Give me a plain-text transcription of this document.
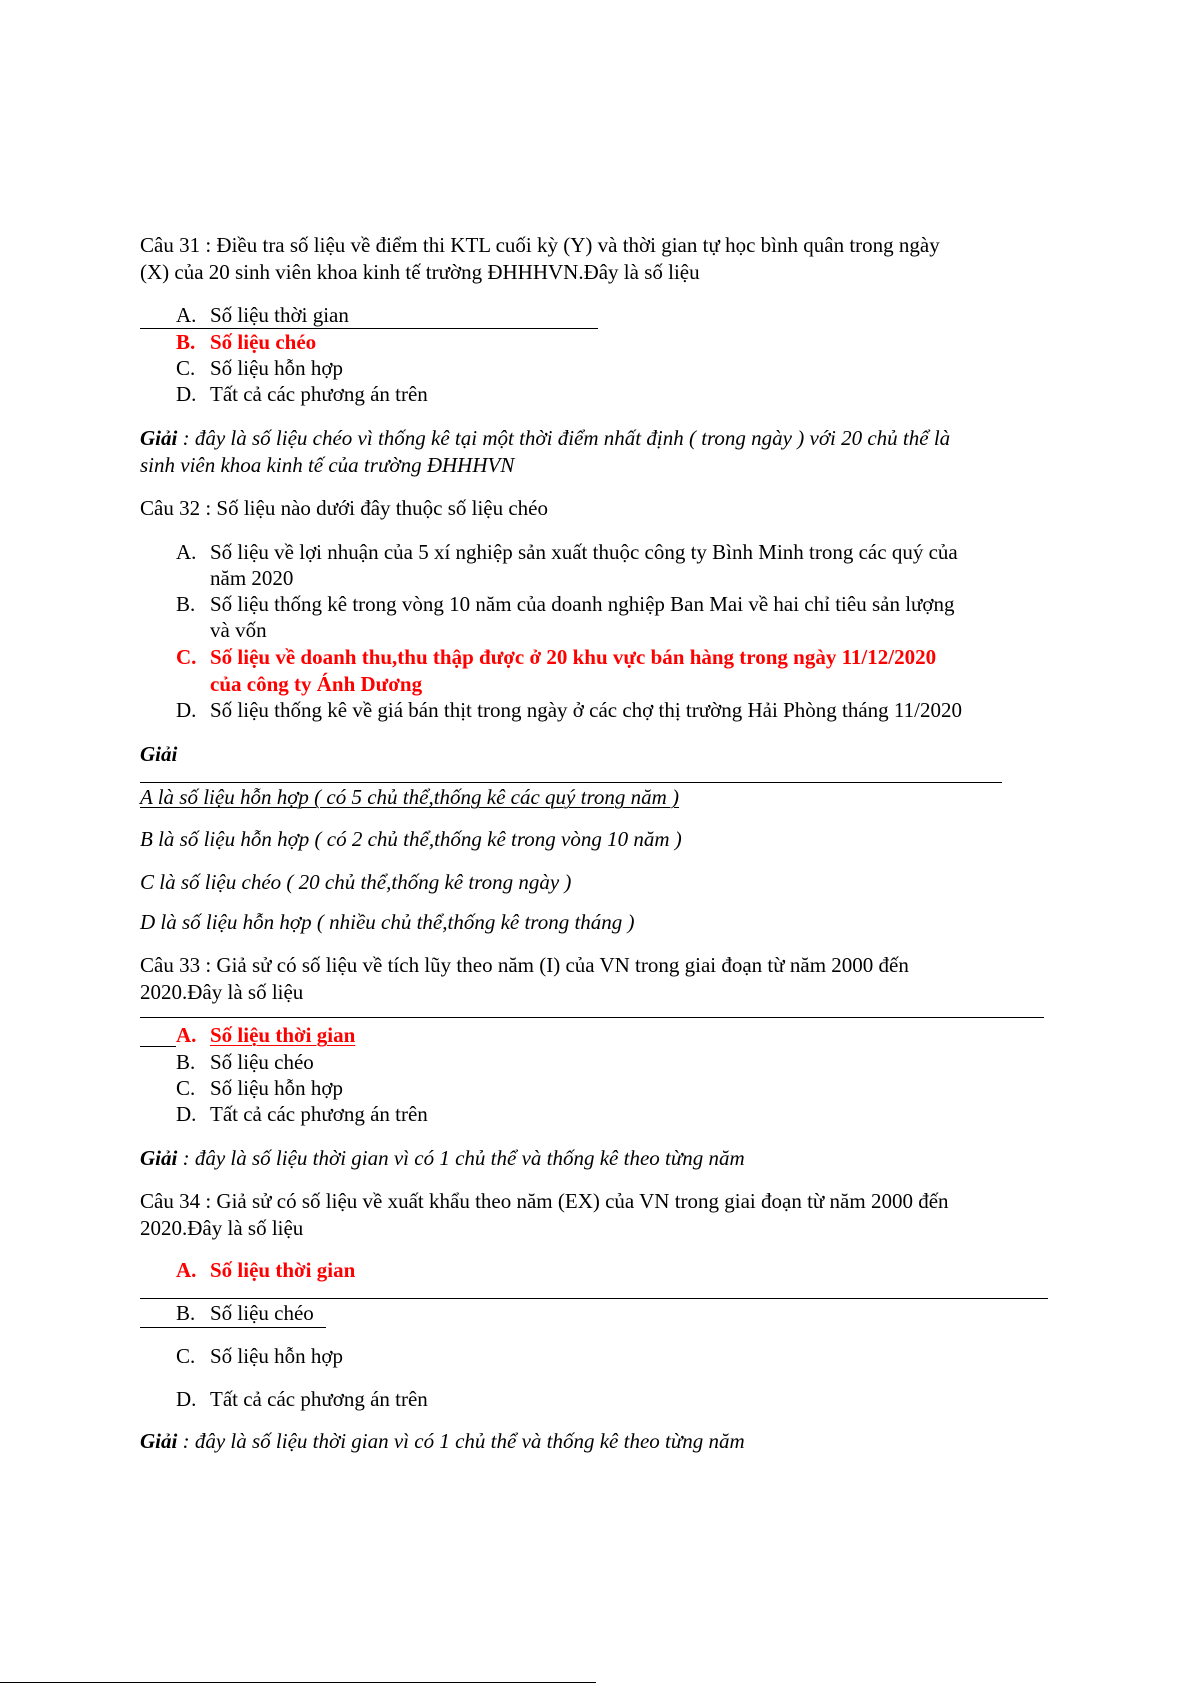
Câu 31 : Điều tra số liệu về điểm thi KTL cuối kỳ (Y) và thời gian tự học bình quân trong ngày

(X) của 20 sinh viên khoa kinh tế trường ĐHHHVN.Đây là số liệu

A. Số liệu thời gian
B. Số liệu chéo
C. Số liệu hỗn hợp
D. Tất cả các phương án trên

Giải : đây là số liệu chéo vì thống kê tại một thời điểm nhất định ( trong ngày ) với 20 chủ thể là

sinh viên khoa kinh tế của trường ĐHHHVN

Câu 32 : Số liệu nào dưới đây thuộc số liệu chéo

A. Số liệu về lợi nhuận của 5 xí nghiệp sản xuất thuộc công ty Bình Minh trong các quý của
năm 2020
B. Số liệu thống kê trong vòng 10 năm của doanh nghiệp Ban Mai về hai chỉ tiêu sản lượng
và vốn
C. Số liệu về doanh thu,thu thập được ở 20 khu vực bán hàng trong ngày 11/12/2020
của công ty Ánh Dương
D. Số liệu thống kê về giá bán thịt trong ngày ở các chợ thị trường Hải Phòng tháng 11/2020

Giải

A là số liệu hỗn hợp ( có 5 chủ thể,thống kê các quý trong năm )

B là số liệu hỗn hợp ( có 2 chủ thể,thống kê trong vòng 10 năm )

C là số liệu chéo ( 20 chủ thể,thống kê trong ngày )

D là số liệu hỗn hợp ( nhiều chủ thể,thống kê trong tháng )

Câu 33 : Giả sử có số liệu về tích lũy theo năm (I) của VN trong giai đoạn từ năm 2000 đến

2020.Đây là số liệu

A. Số liệu thời gian
B. Số liệu chéo
C. Số liệu hỗn hợp
D. Tất cả các phương án trên

Giải : đây là số liệu thời gian vì có 1 chủ thể và thống kê theo từng năm

Câu 34 : Giả sử có số liệu về xuất khẩu theo năm (EX) của VN trong giai đoạn từ năm 2000 đến

2020.Đây là số liệu

A. Số liệu thời gian
B. Số liệu chéo
C. Số liệu hỗn hợp
D. Tất cả các phương án trên

Giải : đây là số liệu thời gian vì có 1 chủ thể và thống kê theo từng năm
